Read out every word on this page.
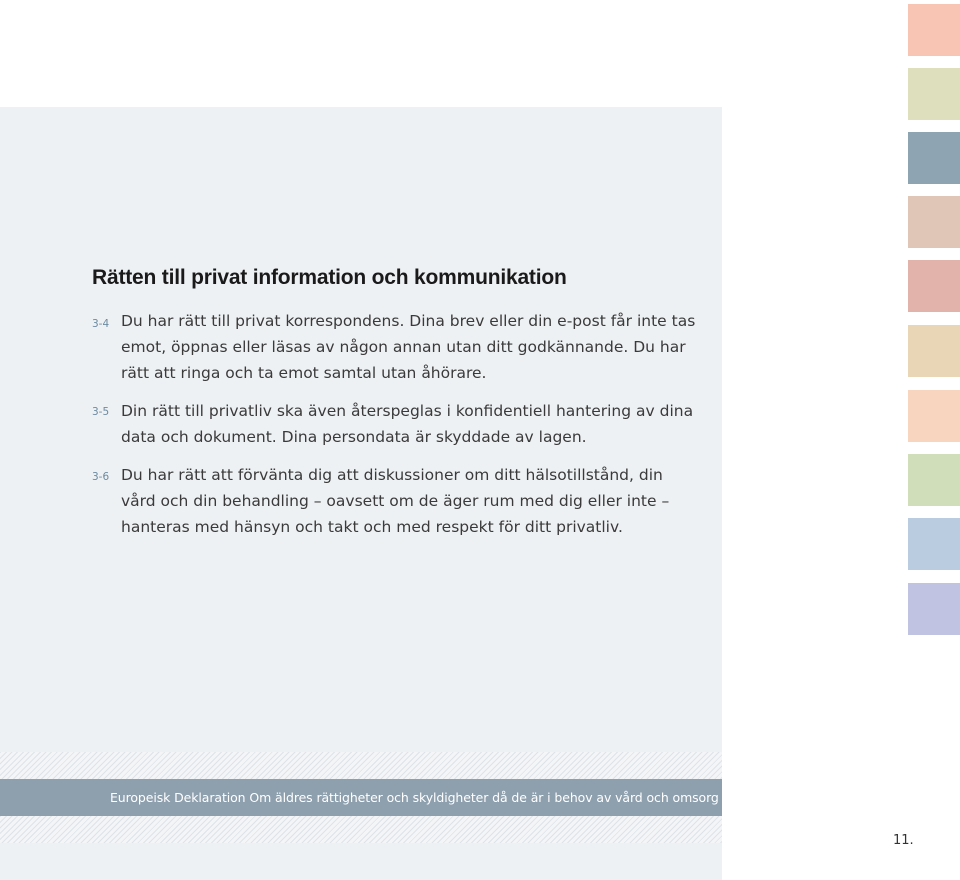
Rätten till privat information och kommunikation
3-4 Du har rätt till privat korrespondens. Dina brev eller din e-post får inte tas
emot, öppnas eller läsas av någon annan utan ditt godkännande. Du har
rätt att ringa och ta emot samtal utan åhörare.

3-5 Din rätt till privatliv ska även återspeglas i konfidentiell hantering av dina
data och dokument. Dina persondata är skyddade av lagen.

3-6 Du har rätt att förvänta dig att diskussioner om ditt hälsotillstånd, din
vård och din behandling – oavsett om de äger rum med dig eller inte –
hanteras med hänsyn och takt och med respekt för ditt privatliv.

Europeisk Deklaration Om äldres rättigheter och skyldigheter då de är i behov av vård och omsorg
11.
